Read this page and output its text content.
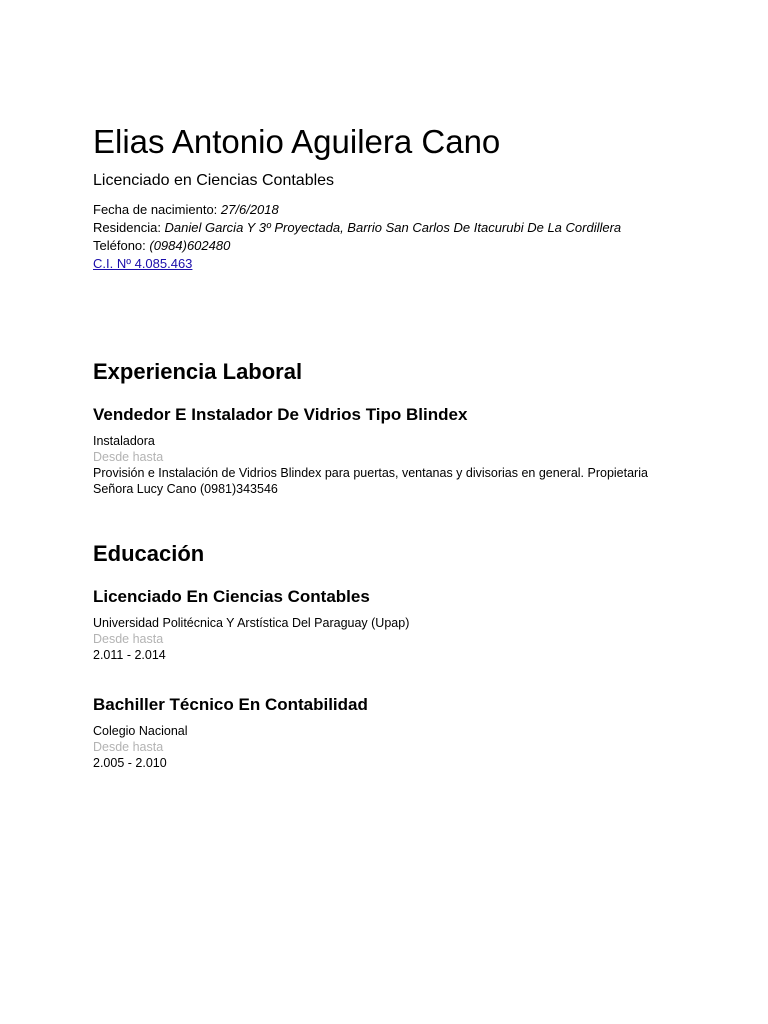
Elias Antonio Aguilera Cano
Licenciado en Ciencias Contables
Fecha de nacimiento: 27/6/2018
Residencia: Daniel Garcia Y 3º Proyectada, Barrio San Carlos De Itacurubi De La Cordillera
Teléfono: (0984)602480
C.I. Nº 4.085.463
Experiencia Laboral
Vendedor E Instalador De Vidrios Tipo Blindex
Instaladora
Desde hasta
Provisión e Instalación de Vidrios Blindex para puertas, ventanas y divisorias en general. Propietaria Señora Lucy Cano (0981)343546
Educación
Licenciado En Ciencias Contables
Universidad Politécnica Y Arstística Del Paraguay (Upap)
Desde hasta
2.011 - 2.014
Bachiller Técnico En Contabilidad
Colegio Nacional
Desde hasta
2.005 - 2.010
